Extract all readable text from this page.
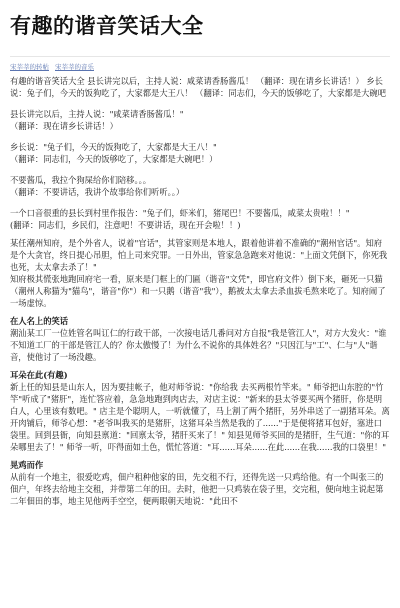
有趣的谐音笑话大全
宋莘莘的转帖 宋莘莘的音乐

有趣的谐音笑话大全 县长讲完以后，主持人说：咸菜请香肠酱瓜！ （翻译：现在请乡长讲话！） 乡长说：兔子们，今天的饭狗吃了，大家都是大王八！ （翻译：同志们，今天的饭够吃了，大家都是大碗吧

县长讲完以后，主持人说："咸菜请香肠酱瓜！"

（翻译：现在请乡长讲话！）

乡长说："兔子们，今天的饭狗吃了，大家都是大王八！"

（翻译：同志们，今天的饭够吃了，大家都是大碗吧！）

不要酱瓜，我拉个狗屎给你们陪移。。。

（翻译：不要讲话，我讲个故事给你们听听。。）

一个口音很重的县长到村里作报告："兔子们，虾米们，猪尾巴！不要酱瓜，咸菜太贵啦！！"

(翻译：同志们，乡民们，注意吧！不要讲话，现在开会啦！！)

某任潮州知府，是个外省人，说着"官话"，其管家则是本地人，跟着他讲着不准确的"潮州官话"。知府是个大贪官，终日提心吊胆，怕上司来究罪。一日外出，管家急急跑来对他说："上面文凭倒下，你死我也死，太太拿去杀了！"

知府极其慌张地跑回府宅一看，原来是门框上的门匾（谐音"文凭"，即官府文件）倒下来，砸死一只猫（潮州人称猫为"猫鸟"，谐音"你"）和一只鹅（谐音"我"），鹅被太太拿去杀血拔毛熬来吃了。知府闹了一场虚惊。

在人名上的笑话

潮汕某工厂一位姓管名叫讧仁的行政干部，一次接电话几番问对方自报"我是管江人"，对方大发火："谁不知道工厂的干部是管江人的？你太傲慢了！为什么不说你的具体姓名？"只因江与"工"、仁与"人"谐音，使他讨了一场没趣。

耳朵在此(有趣)

新上任的知县是山东人，因为要挂帐子，他对师爷说："你给我 去买两根竹竿来。" 师爷把山东腔的"竹竿"听成了"猪肝"，连忙答应着，急急地跑到肉店去，对店主说："新来的县太爷要买两个猪肝，你是明白人，心里该有数吧。" 店主是个聪明人，一听就懂了，马上割了两个猪肝，另外串送了一副猪耳朵。离开肉铺后，师爷心想："老爷叫我买的是猪肝，这猪耳朵当然是我的了......"于是便将猪耳包好，塞进口袋里。回到县衙，向知县禀道："回禀太爷，猪肝买来了！" 知县见师爷买回的是猪肝，生气道："你的耳朵哪里去了！" 师爷一听，吓得面如土色，慌忙答道："耳......耳朵......在此......在我......我的口袋里！"

晃鸡而作

从前有一个地主，很爱吃鸡，佃户租种他家的田，先交租不行，还得先送一只鸡给他。有一个叫张三的佃户，年终去给地主交租，并带第二年的田。去时，他把一只鸡装在袋子里，交完租，便向地主说起第二年佃田的事，地主见他两手空空，便两眼朝天地说："此田不
